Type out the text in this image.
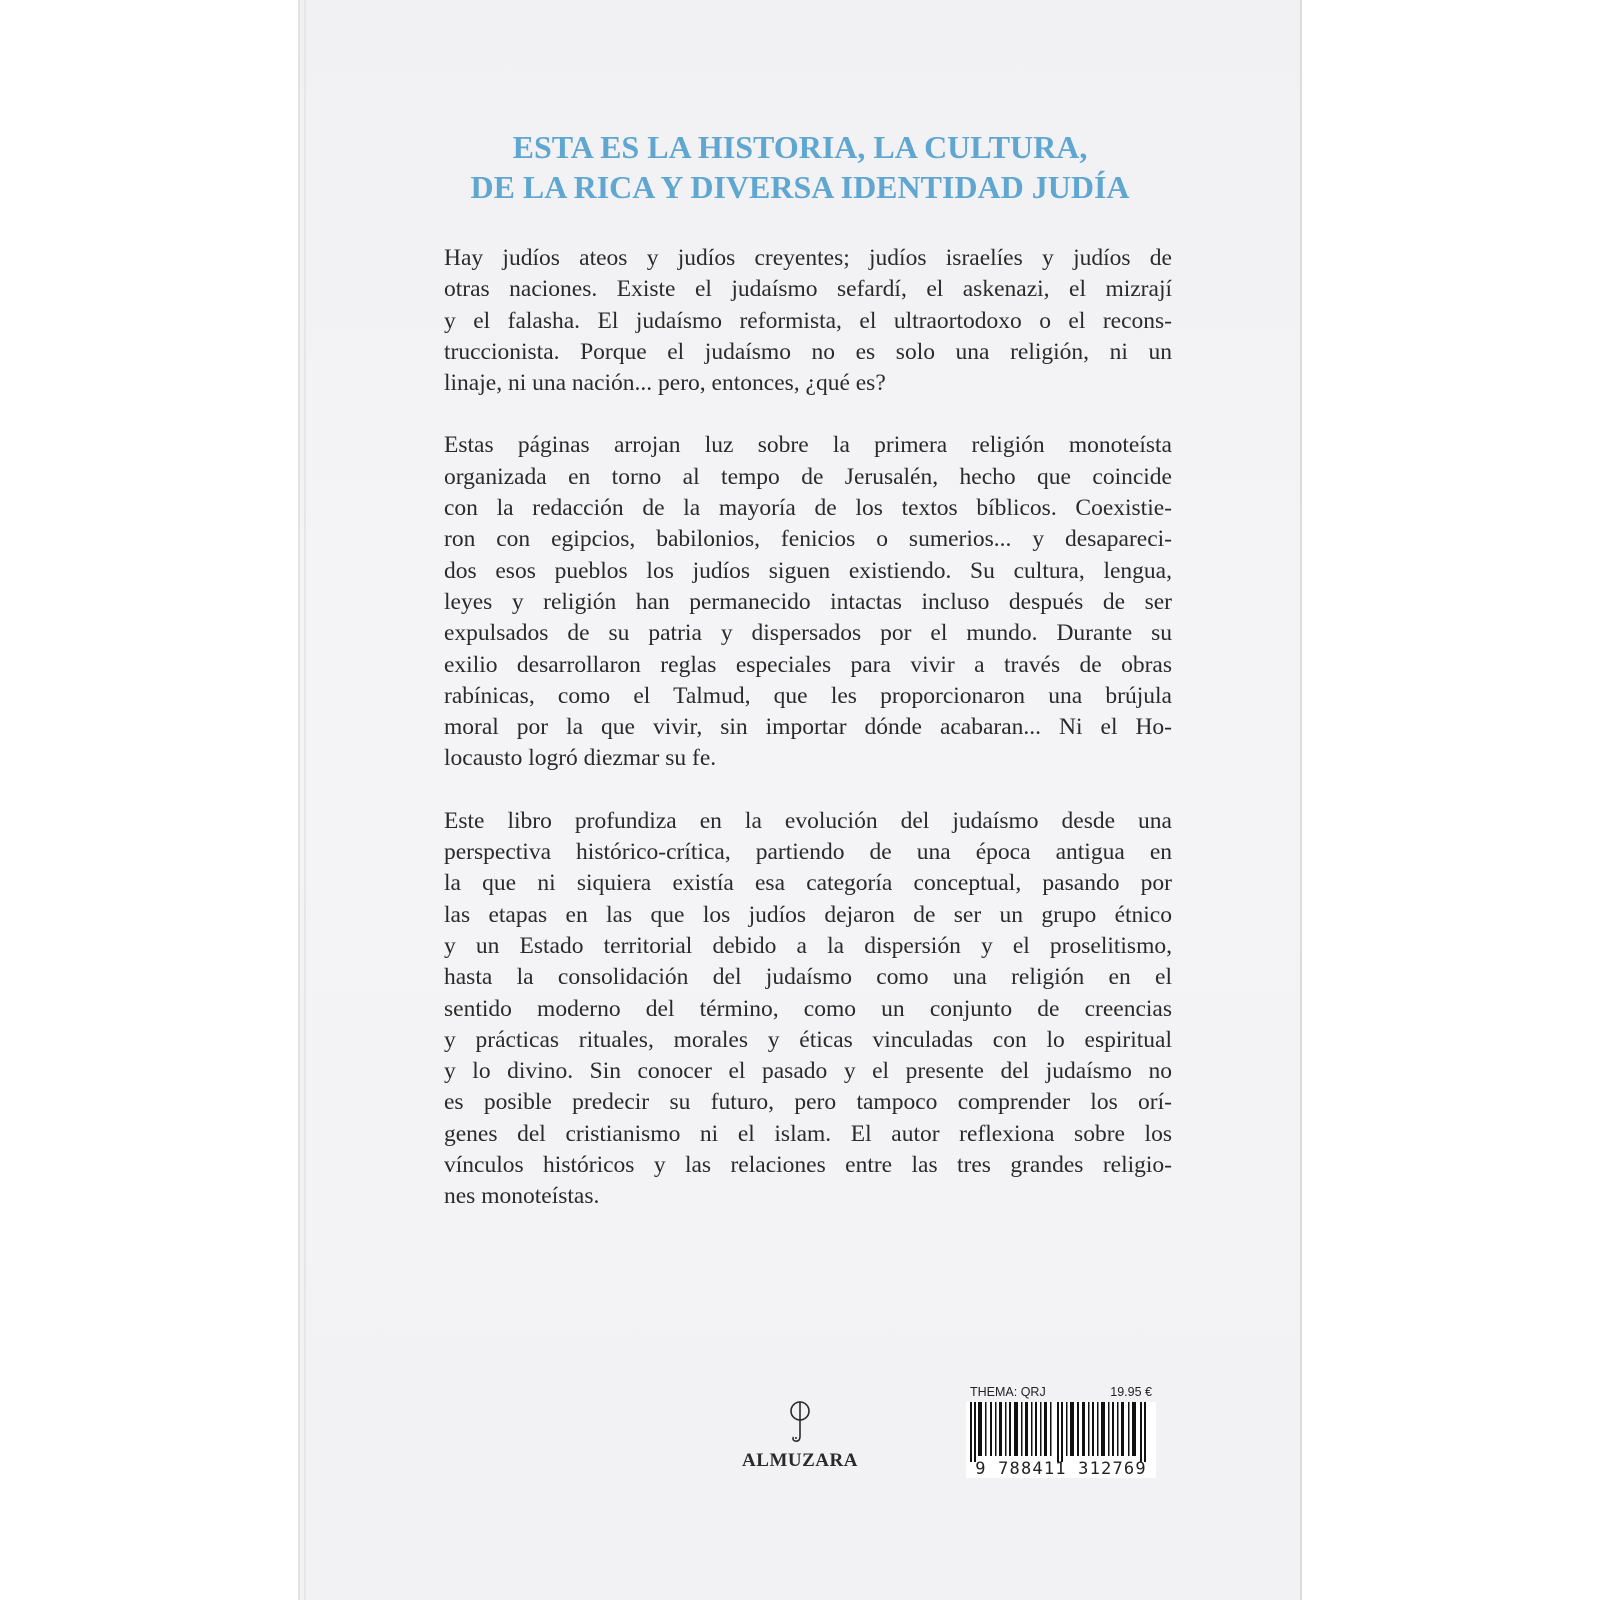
ESTA ES LA HISTORIA, LA CULTURA,
DE LA RICA Y DIVERSA IDENTIDAD JUDÍA
Hay judíos ateos y judíos creyentes; judíos israelíes y judíos de
otras naciones. Existe el judaísmo sefardí, el askenazi, el mizrají
y el falasha. El judaísmo reformista, el ultraortodoxo o el recons-
truccionista. Porque el judaísmo no es solo una religión, ni un
linaje, ni una nación... pero, entonces, ¿qué es?
Estas páginas arrojan luz sobre la primera religión monoteísta
organizada en torno al tempo de Jerusalén, hecho que coincide
con la redacción de la mayoría de los textos bíblicos. Coexistie-
ron con egipcios, babilonios, fenicios o sumerios... y desapareci-
dos esos pueblos los judíos siguen existiendo. Su cultura, lengua,
leyes y religión han permanecido intactas incluso después de ser
expulsados de su patria y dispersados por el mundo. Durante su
exilio desarrollaron reglas especiales para vivir a través de obras
rabínicas, como el Talmud, que les proporcionaron una brújula
moral por la que vivir, sin importar dónde acabaran... Ni el Ho-
locausto logró diezmar su fe.
Este libro profundiza en la evolución del judaísmo desde una
perspectiva histórico-crítica, partiendo de una época antigua en
la que ni siquiera existía esa categoría conceptual, pasando por
las etapas en las que los judíos dejaron de ser un grupo étnico
y un Estado territorial debido a la dispersión y el proselitismo,
hasta la consolidación del judaísmo como una religión en el
sentido moderno del término, como un conjunto de creencias
y prácticas rituales, morales y éticas vinculadas con lo espiritual
y lo divino. Sin conocer el pasado y el presente del judaísmo no
es posible predecir su futuro, pero tampoco comprender los orí-
genes del cristianismo ni el islam. El autor reflexiona sobre los
vínculos históricos y las relaciones entre las tres grandes religio-
nes monoteístas.
ALMUZARA
THEMA: QRJ	19.95 €
9 788411 312769
